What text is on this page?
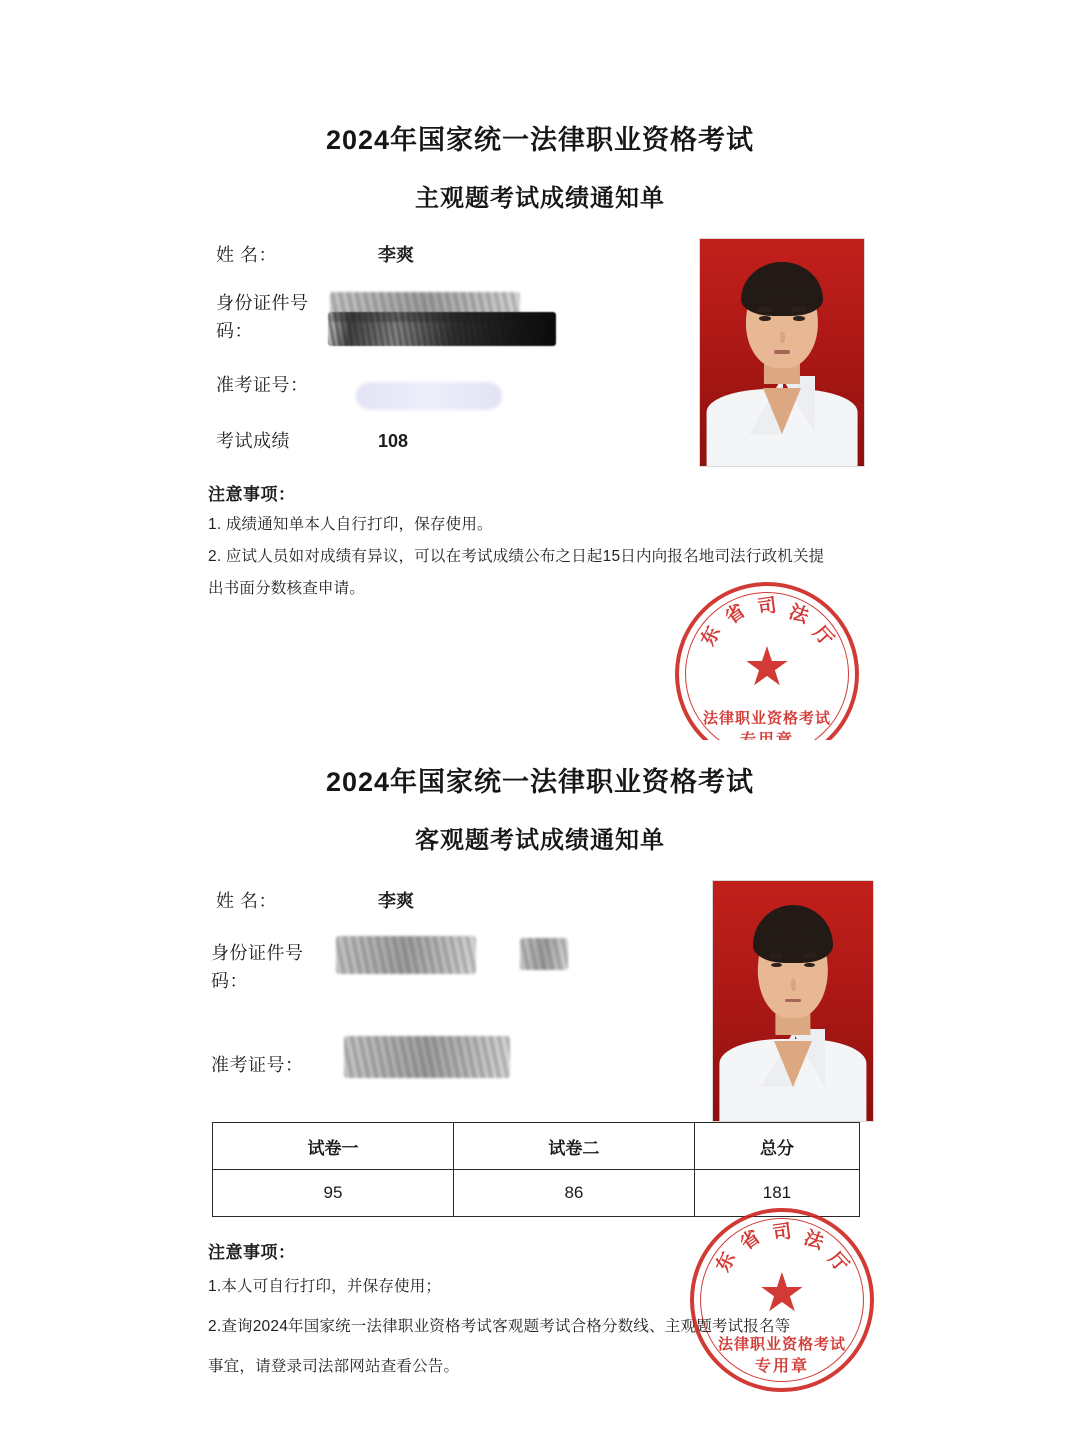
2024年国家统一法律职业资格考试
主观题考试成绩通知单
姓 名：	李爽
身份证件号
码：
准考证号：
考试成绩	108
注意事项：
1. 成绩通知单本人自行打印，保存使用。
2. 应试人员如对成绩有异议，可以在考试成绩公布之日起15日内向报名地司法行政机关提
出书面分数核查申请。
★
东
省 司 法
厅
法律职业资格考试
2024年国家统一法律职业资格考试
客观题考试成绩通知单
姓 名：	李爽
身份证件号
码：
准考证号：
试卷一	试卷二	总分
95	86	181
注意事项：
1.本人可自行打印，并保存使用；
2.查询2024年国家统一法律职业资格考试客观题考试合格分数线、主观题考试报名等
事宜，请登录司法部网站查看公告。
★
东
省 司 法
厅
法律职业资格考试
专用章
